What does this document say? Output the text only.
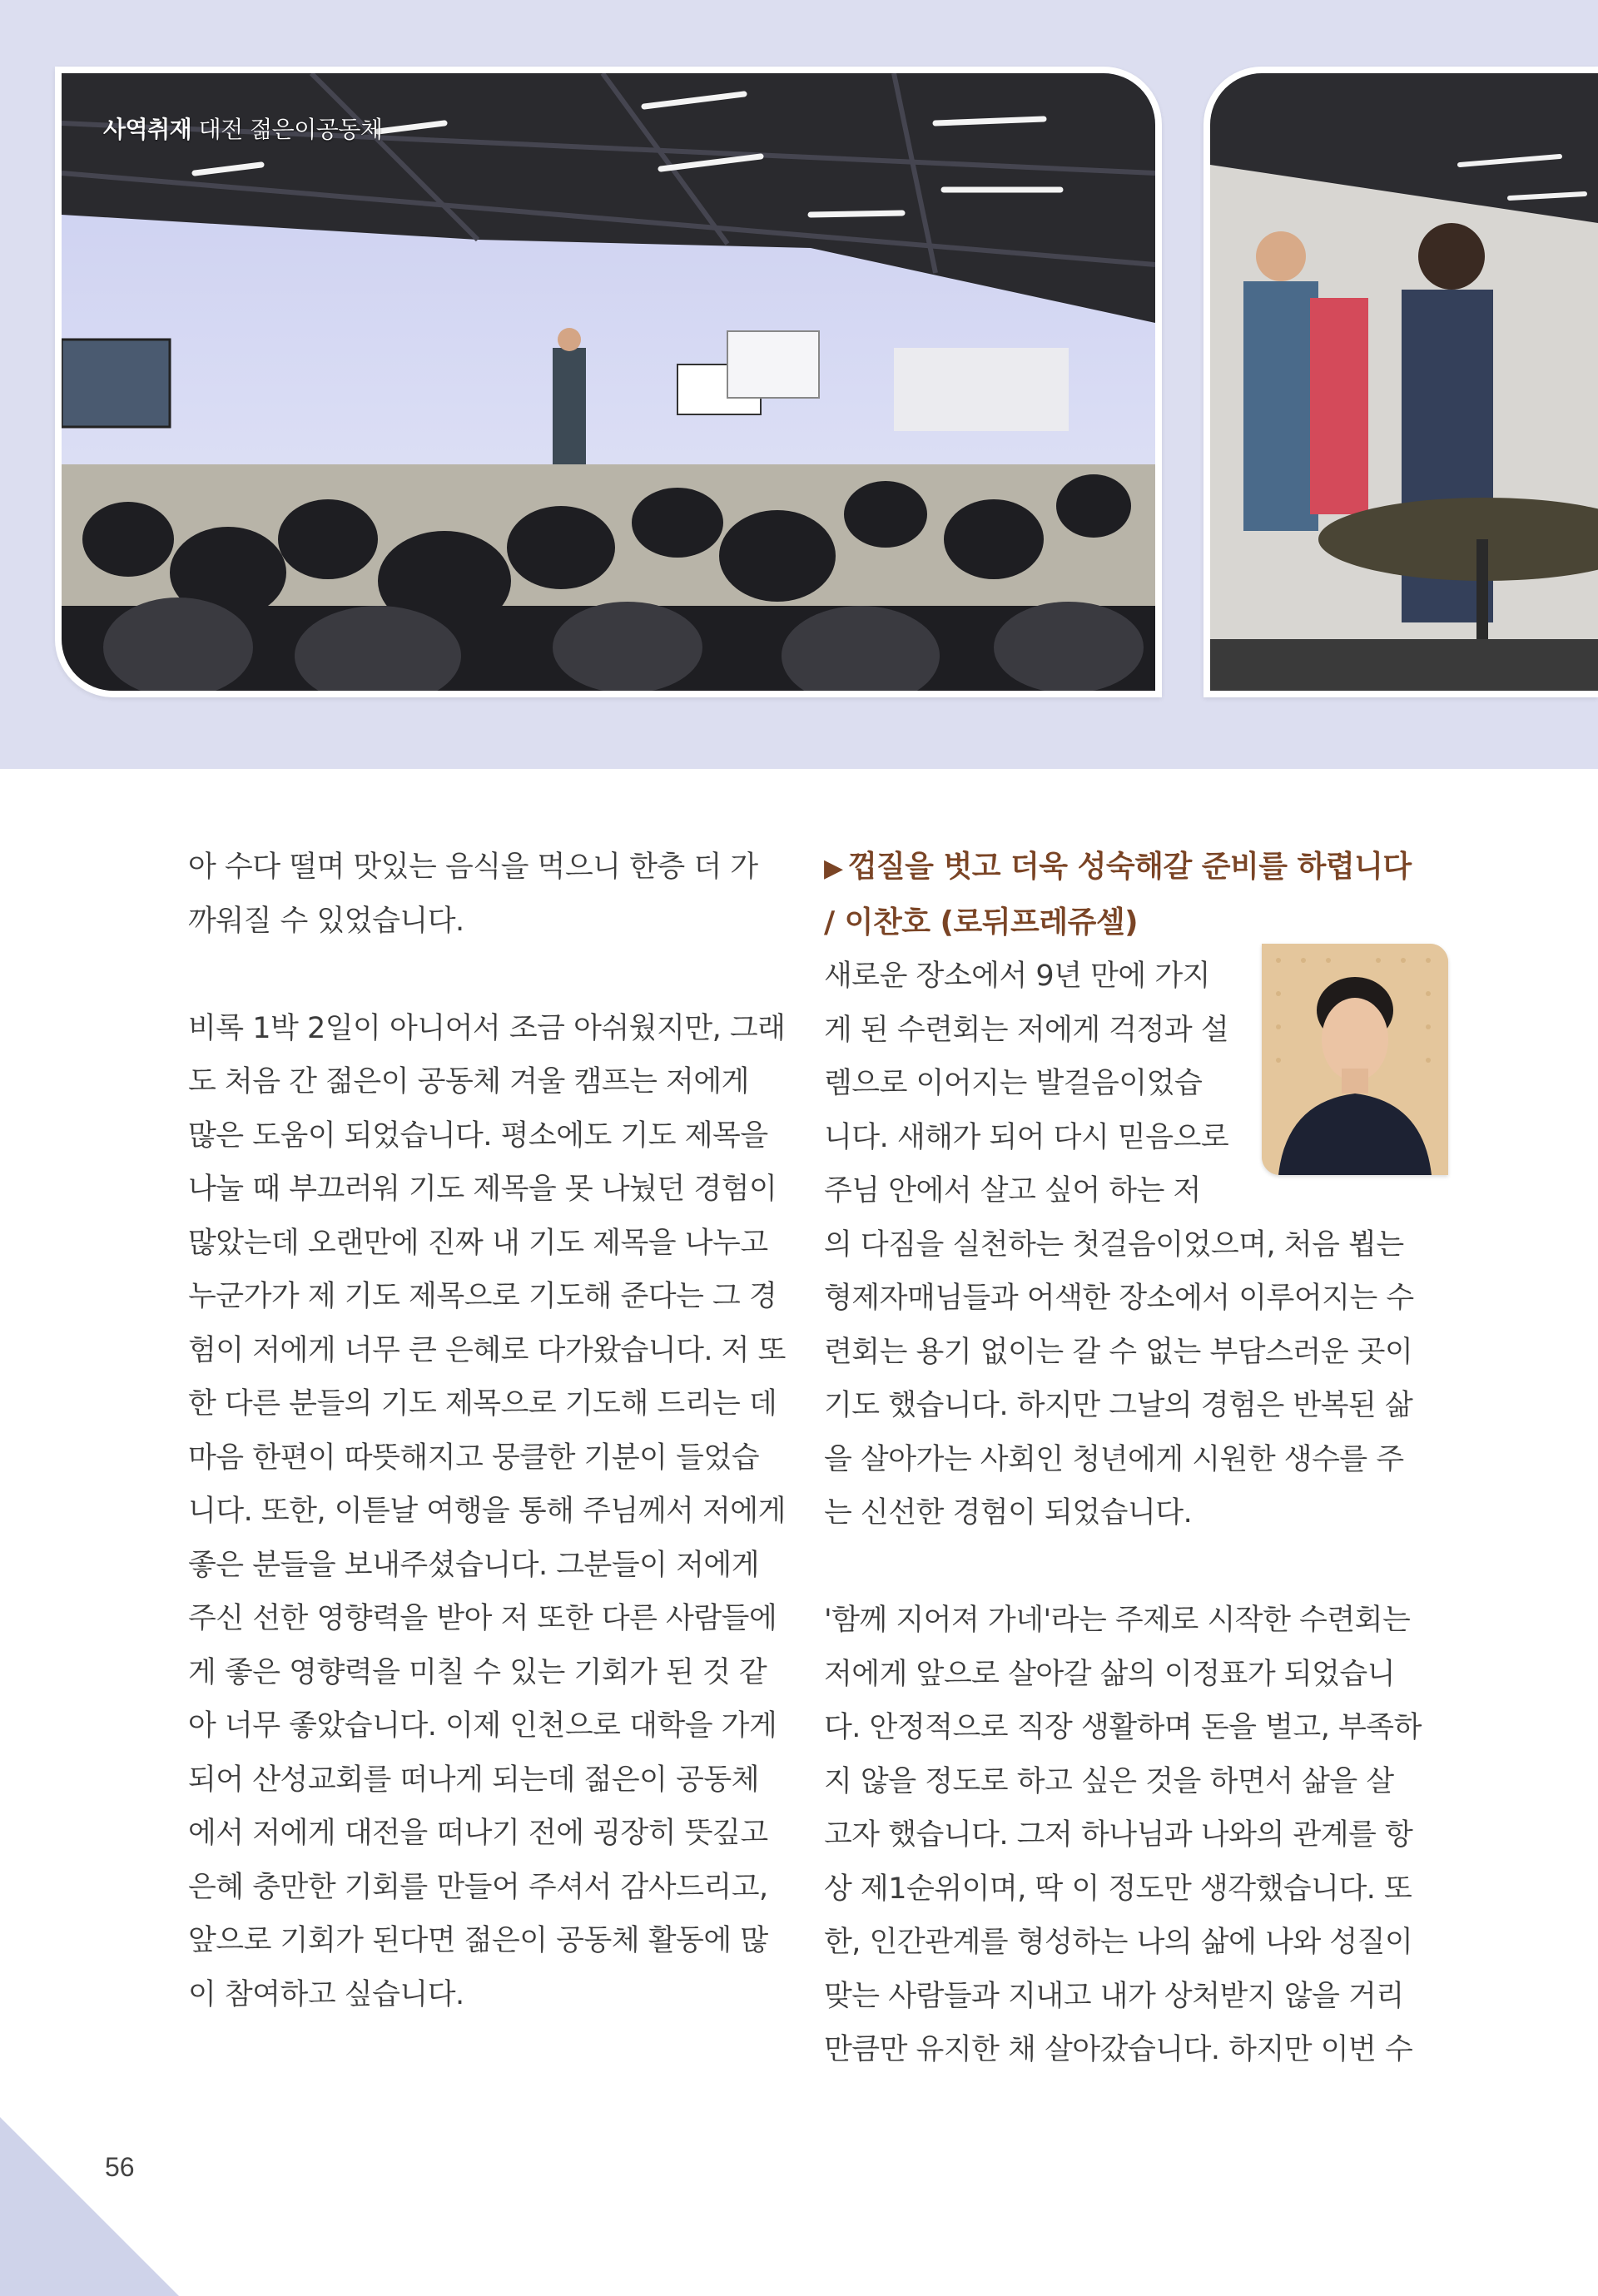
사역취재 대전 젊은이공동체

아 수다 떨며 맛있는 음식을 먹으니 한층 더 가

까워질 수 있었습니다.

비록 1박 2일이 아니어서 조금 아쉬웠지만, 그래

도 처음 간 젊은이 공동체 겨울 캠프는 저에게

많은 도움이 되었습니다. 평소에도 기도 제목을

나눌 때 부끄러워 기도 제목을 못 나눴던 경험이

많았는데 오랜만에 진짜 내 기도 제목을 나누고

누군가가 제 기도 제목으로 기도해 준다는 그 경

험이 저에게 너무 큰 은혜로 다가왔습니다. 저 또

한 다른 분들의 기도 제목으로 기도해 드리는 데

마음 한편이 따뜻해지고 뭉클한 기분이 들었습

니다. 또한, 이튿날 여행을 통해 주님께서 저에게

좋은 분들을 보내주셨습니다. 그분들이 저에게

주신 선한 영향력을 받아 저 또한 다른 사람들에

게 좋은 영향력을 미칠 수 있는 기회가 된 것 같

아 너무 좋았습니다. 이제 인천으로 대학을 가게

되어 산성교회를 떠나게 되는데 젊은이 공동체

에서 저에게 대전을 떠나기 전에 굉장히 뜻깊고

은혜 충만한 기회를 만들어 주셔서 감사드리고,

앞으로 기회가 된다면 젊은이 공동체 활동에 많

이 참여하고 싶습니다.

▶ 껍질을 벗고 더욱 성숙해갈 준비를 하렵니다
/ 이찬호 (로뒤프레쥬셀)

새로운 장소에서 9년 만에 가지

게 된 수련회는 저에게 걱정과 설

렘으로 이어지는 발걸음이었습

니다. 새해가 되어 다시 믿음으로

주님 안에서 살고 싶어 하는 저

의 다짐을 실천하는 첫걸음이었으며, 처음 뵙는

형제자매님들과 어색한 장소에서 이루어지는 수

련회는 용기 없이는 갈 수 없는 부담스러운 곳이

기도 했습니다. 하지만 그날의 경험은 반복된 삶

을 살아가는 사회인 청년에게 시원한 생수를 주

는 신선한 경험이 되었습니다.

'함께 지어져 가네'라는 주제로 시작한 수련회는

저에게 앞으로 살아갈 삶의 이정표가 되었습니

다. 안정적으로 직장 생활하며 돈을 벌고, 부족하

지 않을 정도로 하고 싶은 것을 하면서 삶을 살

고자 했습니다. 그저 하나님과 나와의 관계를 항

상 제1순위이며, 딱 이 정도만 생각했습니다. 또

한, 인간관계를 형성하는 나의 삶에 나와 성질이

맞는 사람들과 지내고 내가 상처받지 않을 거리

만큼만 유지한 채 살아갔습니다. 하지만 이번 수

56
